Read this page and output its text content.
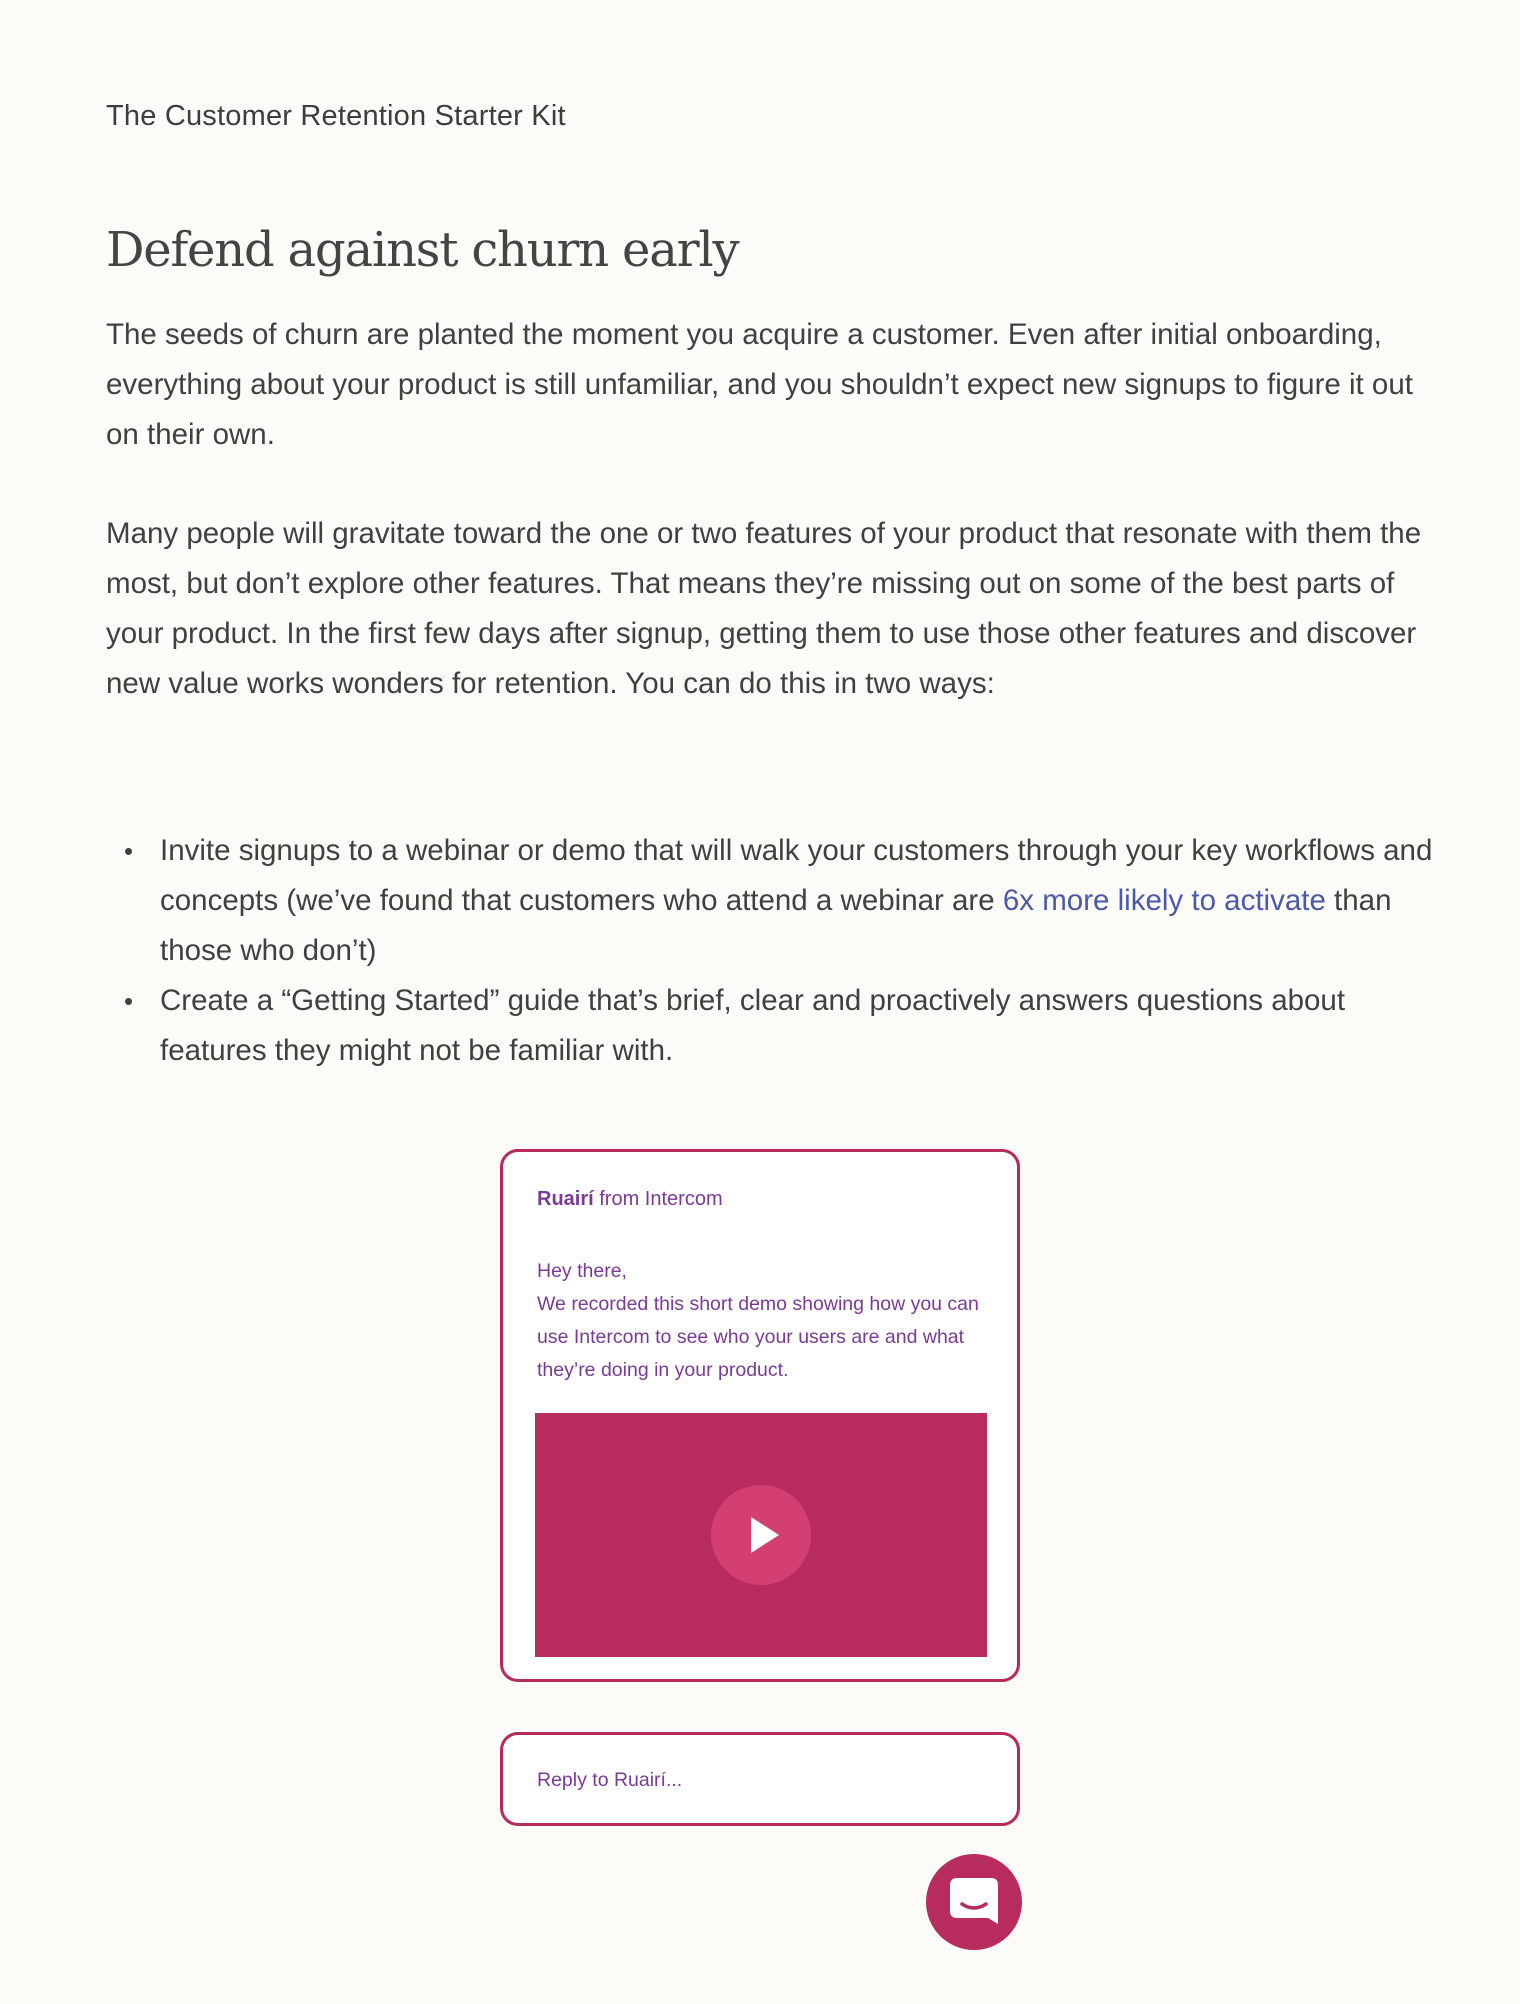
The Customer Retention Starter Kit
Defend against churn early

The seeds of churn are planted the moment you acquire a customer. Even after initial onboarding, everything about your product is still unfamiliar, and you shouldn’t expect new signups to figure it out on their own.

Many people will gravitate toward the one or two features of your product that resonate with them the most, but don’t explore other features. That means they’re missing out on some of the best parts of your product. In the first few days after signup, getting them to use those other features and discover new value works wonders for retention. You can do this in two ways:

• Invite signups to a webinar or demo that will walk your customers through your key workflows and concepts (we’ve found that customers who attend a webinar are 6x more likely to activate than those who don’t)
• Create a “Getting Started” guide that’s brief, clear and proactively answers questions about features they might not be familiar with.
Ruairí from Intercom
Hey there,
We recorded this short demo showing how you can use Intercom to see who your users are and what they’re doing in your product.
Reply to Ruairí...
